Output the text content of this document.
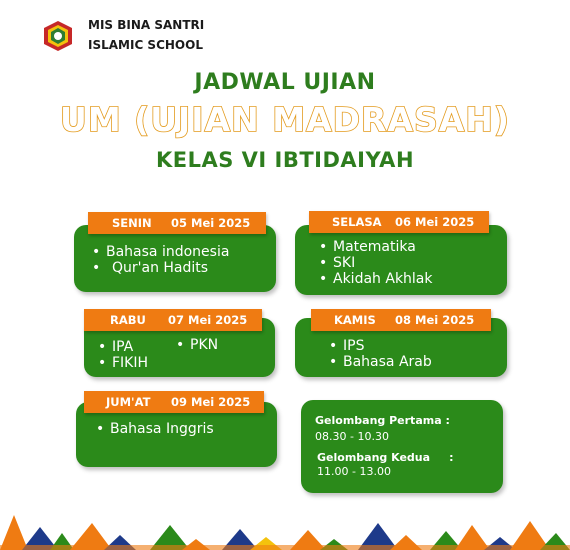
MIS BINA SANTRI
ISLAMIC SCHOOL
JADWAL UJIAN
UM (UJIAN MADRASAH)
KELAS VI IBTIDAIYAH
• Bahasa indonesia
• Qur'an Hadits
SENIN 05 Mei 2025
• Matematika
• SKI
• Akidah Akhlak
SELASA 06 Mei 2025
• IPA
• FIKIH
• PKN
RABU 07 Mei 2025
• IPS
• Bahasa Arab
KAMIS 08 Mei 2025
• Bahasa Inggris
JUM'AT 09 Mei 2025
Gelombang Pertama :
08.30 - 10.30
Gelombang Kedua     :
11.00 - 13.00
